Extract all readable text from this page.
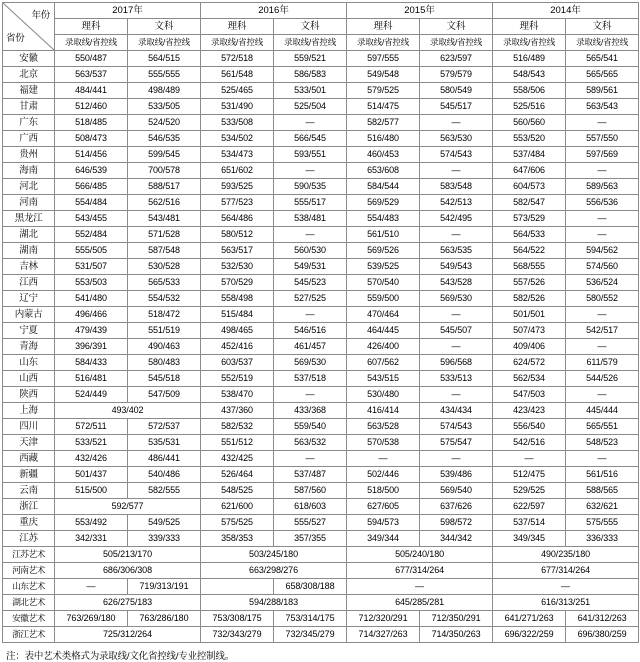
年份
省份	2017年		2016年		2015年		2014年	
	理科	文科	理科	文科	理科	文科	理科	文科
	录取线/省控线	录取线/省控线	录取线/省控线	录取线/省控线	录取线/省控线	录取线/省控线	录取线/省控线	录取线/省控线
安徽	550/487	564/515	572/518	559/521	597/555	623/597	516/489	565/541
北京	563/537	555/555	561/548	586/583	549/548	579/579	548/543	565/565
福建	484/441	498/489	525/465	533/501	579/525	580/549	558/506	589/561
甘肃	512/460	533/505	531/490	525/504	514/475	545/517	525/516	563/543
广东	518/485	524/520	533/508	—	582/577	—	560/560	—
广西	508/473	546/535	534/502	566/545	516/480	563/530	553/520	557/550
贵州	514/456	599/545	534/473	593/551	460/453	574/543	537/484	597/569
海南	646/539	700/578	651/602	—	653/608	—	647/606	—
河北	566/485	588/517	593/525	590/535	584/544	583/548	604/573	589/563
河南	554/484	562/516	577/523	555/517	569/529	542/513	582/547	556/536
黑龙江	543/455	543/481	564/486	538/481	554/483	542/495	573/529	—
湖北	552/484	571/528	580/512	—	561/510	—	564/533	—
湖南	555/505	587/548	563/517	560/530	569/526	563/535	564/522	594/562
吉林	531/507	530/528	532/530	549/531	539/525	549/543	568/555	574/560
江西	553/503	565/533	570/529	545/523	570/540	543/528	557/526	536/524
辽宁	541/480	554/532	558/498	527/525	559/500	569/530	582/526	580/552
内蒙古	496/466	518/472	515/484	—	470/464	—	501/501	—
宁夏	479/439	551/519	498/465	546/516	464/445	545/507	507/473	542/517
青海	396/391	490/463	452/416	461/457	426/400	—	409/406	—
山东	584/433	580/483	603/537	569/530	607/562	596/568	624/572	611/579
山西	516/481	545/518	552/519	537/518	543/515	533/513	562/534	544/526
陕西	524/449	547/509	538/470	—	530/480	—	547/503	—
上海	493/402		437/360	433/368	416/414	434/434	423/423	445/444
四川	572/511	572/537	582/532	559/540	563/528	574/543	556/540	565/551
天津	533/521	535/531	551/512	563/532	570/538	575/547	542/516	548/523
西藏	432/426	486/441	432/425	—	—	—	—	—
新疆	501/437	540/486	526/464	537/487	502/446	539/486	512/475	561/516
云南	515/500	582/555	548/525	587/560	518/500	569/540	529/525	588/565
浙江	592/577		621/600	618/603	627/605	637/626	622/597	632/621
重庆	553/492	549/525	575/525	555/527	594/573	598/572	537/514	575/555
江苏	342/331	339/333	358/353	357/355	349/344	344/342	349/345	336/333
江苏艺术	505/213/170		503/245/180		505/240/180		490/235/180	
河南艺术	686/306/308		663/298/276		677/314/264		677/314/264	
山东艺术	—	719/313/191		658/308/188	—		—	
湖北艺术	626/275/183		594/288/183		645/285/281		616/313/251	
安徽艺术	763/269/180	763/286/180	753/308/175	753/314/175	712/320/291	712/350/291	641/271/263	641/312/263
浙江艺术	725/312/264		732/343/279	732/345/279	714/327/263	714/350/263	696/322/259	696/380/259
注：表中艺术类格式为录取线/文化省控线/专业控制线。
